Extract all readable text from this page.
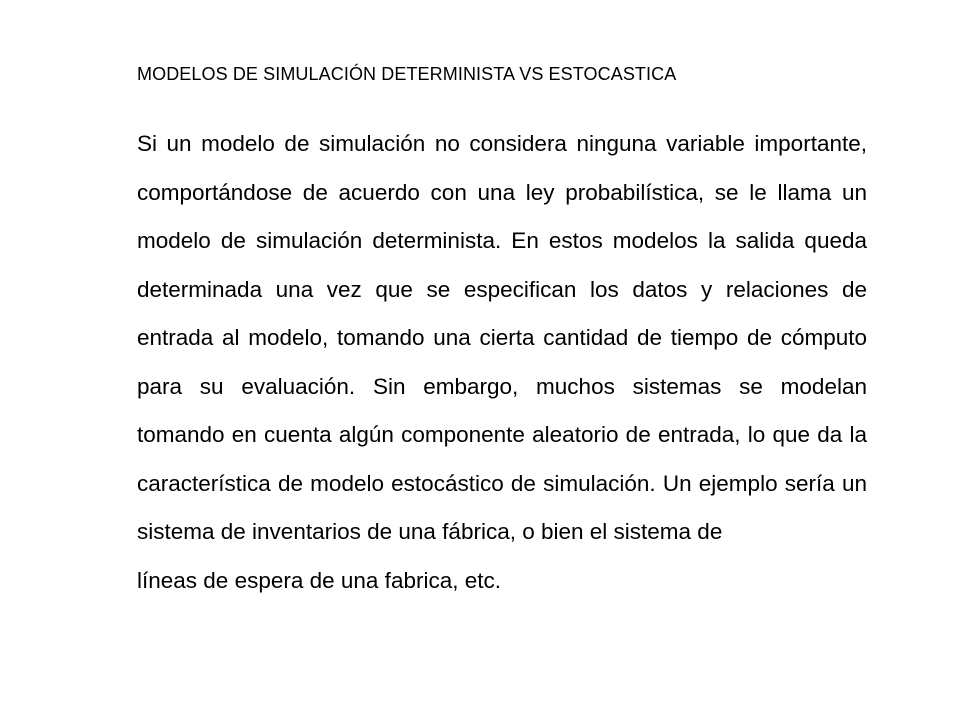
MODELOS DE SIMULACIÓN DETERMINISTA VS ESTOCASTICA
Si un modelo de simulación no considera ninguna variable importante, comportándose de acuerdo con una ley probabilística, se le llama un modelo de simulación determinista. En estos modelos la salida queda determinada una vez que se especifican los datos y relaciones de entrada al modelo, tomando una cierta cantidad de tiempo de cómputo para su evaluación. Sin embargo, muchos sistemas se modelan tomando en cuenta algún componente aleatorio de entrada, lo que da la característica de modelo estocástico de simulación. Un ejemplo sería un sistema de inventarios de una fábrica, o bien el sistema de
líneas de espera de una fabrica, etc.
